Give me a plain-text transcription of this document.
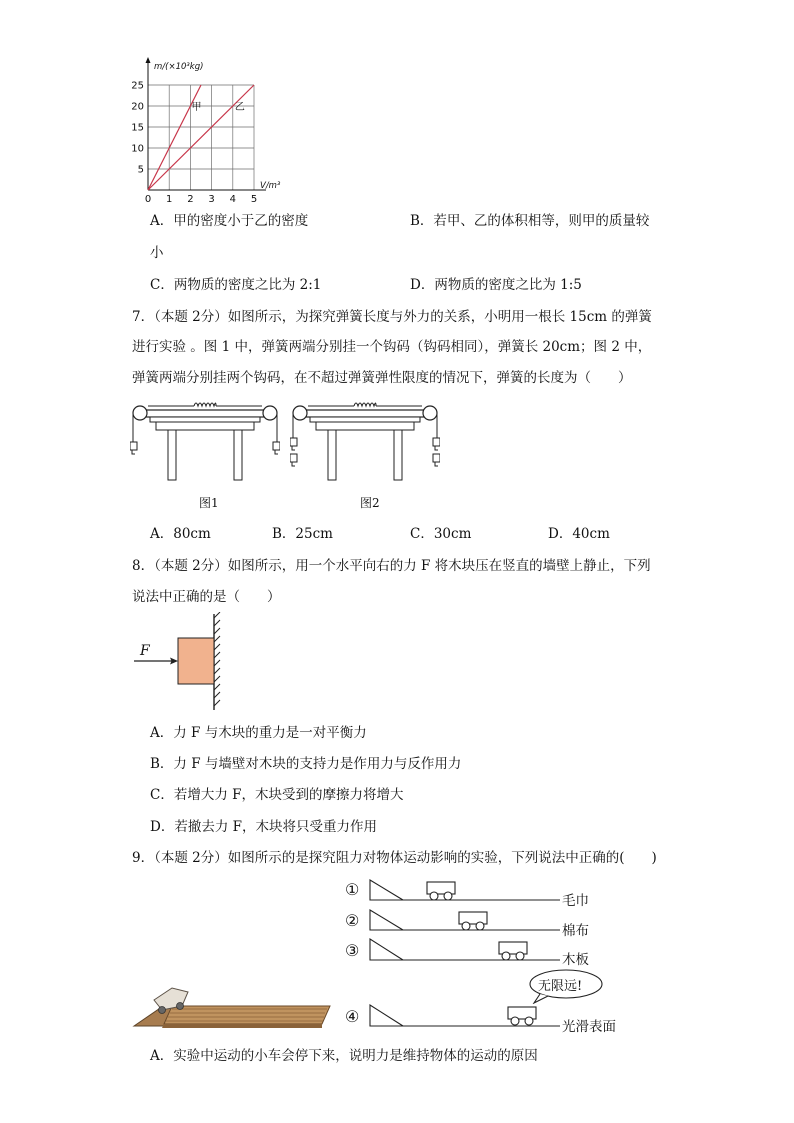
0 1 2 3 4 5
5
10
15
20
25
m/(×10³kg)
V/m³
甲	乙
A．甲的密度小于乙的密度	B．若甲、乙的体积相等，则甲的质量较
小
C．两物质的密度之比为 2:1	D．两物质的密度之比为 1:5
7．（本题 2分）如图所示，为探究弹簧长度与外力的关系，小明用一根长 15cm 的弹簧
进行实验 。图 1 中，弹簧两端分别挂一个钩码（钩码相同），弹簧长 20cm；图 2 中，
弹簧两端分别挂两个钩码，在不超过弹簧弹性限度的情况下，弹簧的长度为（　　）
图1	图2
A．80cm	B．25cm	C．30cm	D．40cm
8．（本题 2分）如图所示，用一个水平向右的力 F 将木块压在竖直的墙壁上静止，下列
说法中正确的是（　　）
F
A．力 F 与木块的重力是一对平衡力
B．力 F 与墙壁对木块的支持力是作用力与反作用力
C．若增大力 F，木块受到的摩擦力将增大
D．若撤去力 F，木块将只受重力作用
9．（本题 2分）如图所示的是探究阻力对物体运动影响的实验，下列说法中正确的(　　)
①
②
③
④
无限远!
毛巾
棉布
木板
光滑表面
A．实验中运动的小车会停下来，说明力是维持物体的运动的原因
